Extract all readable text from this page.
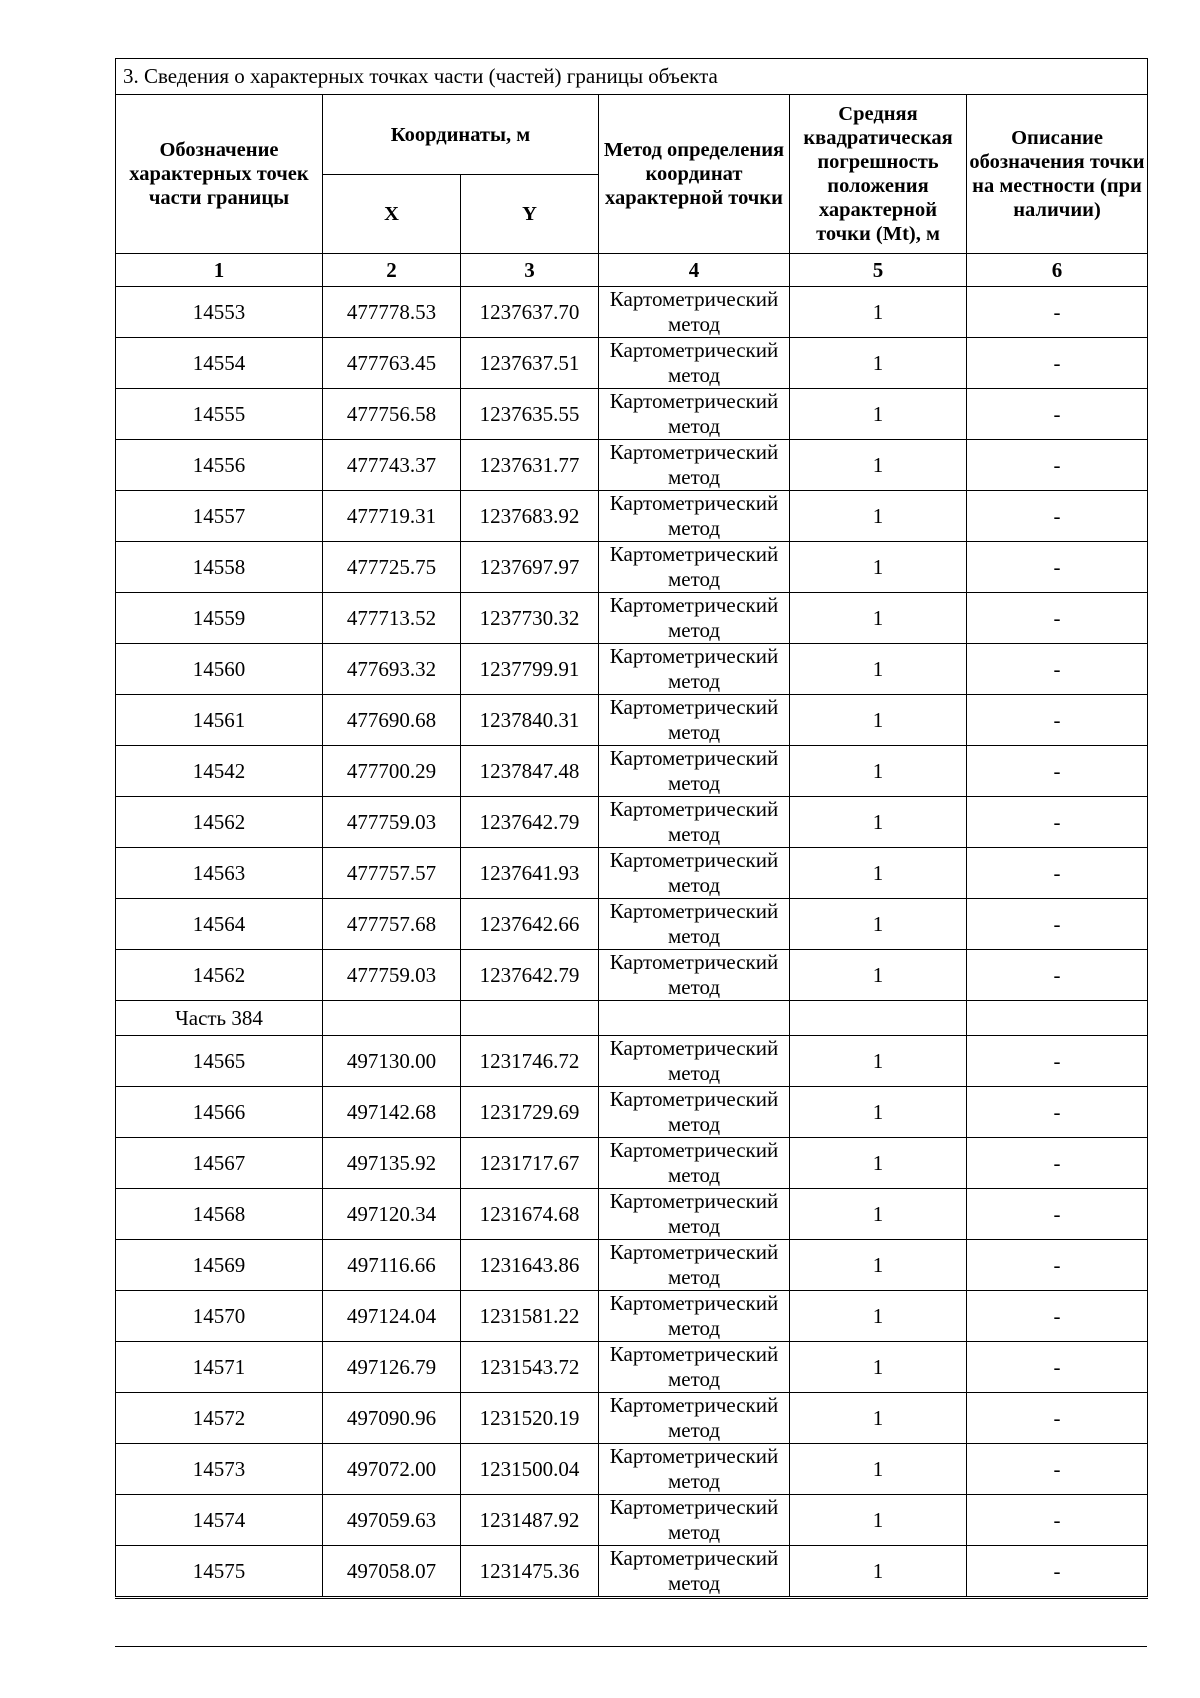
3. Сведения о характерных точках части (частей) границы объекта					
Обозначение характерных точек части границы	Координаты, м		Метод определения координат характерной точки	Средняя квадратическая погрешность положения характерной точки (Mt), м	Описание обозначения точки на местности (при наличии)
	X	Y			
1	2	3	4	5	6
14553	477778.53	1237637.70	Картометрический метод	1	-
14554	477763.45	1237637.51	Картометрический метод	1	-
14555	477756.58	1237635.55	Картометрический метод	1	-
14556	477743.37	1237631.77	Картометрический метод	1	-
14557	477719.31	1237683.92	Картометрический метод	1	-
14558	477725.75	1237697.97	Картометрический метод	1	-
14559	477713.52	1237730.32	Картометрический метод	1	-
14560	477693.32	1237799.91	Картометрический метод	1	-
14561	477690.68	1237840.31	Картометрический метод	1	-
14542	477700.29	1237847.48	Картометрический метод	1	-
14562	477759.03	1237642.79	Картометрический метод	1	-
14563	477757.57	1237641.93	Картометрический метод	1	-
14564	477757.68	1237642.66	Картометрический метод	1	-
14562	477759.03	1237642.79	Картометрический метод	1	-
Часть 384					
14565	497130.00	1231746.72	Картометрический метод	1	-
14566	497142.68	1231729.69	Картометрический метод	1	-
14567	497135.92	1231717.67	Картометрический метод	1	-
14568	497120.34	1231674.68	Картометрический метод	1	-
14569	497116.66	1231643.86	Картометрический метод	1	-
14570	497124.04	1231581.22	Картометрический метод	1	-
14571	497126.79	1231543.72	Картометрический метод	1	-
14572	497090.96	1231520.19	Картометрический метод	1	-
14573	497072.00	1231500.04	Картометрический метод	1	-
14574	497059.63	1231487.92	Картометрический метод	1	-
14575	497058.07	1231475.36	Картометрический метод	1	-
